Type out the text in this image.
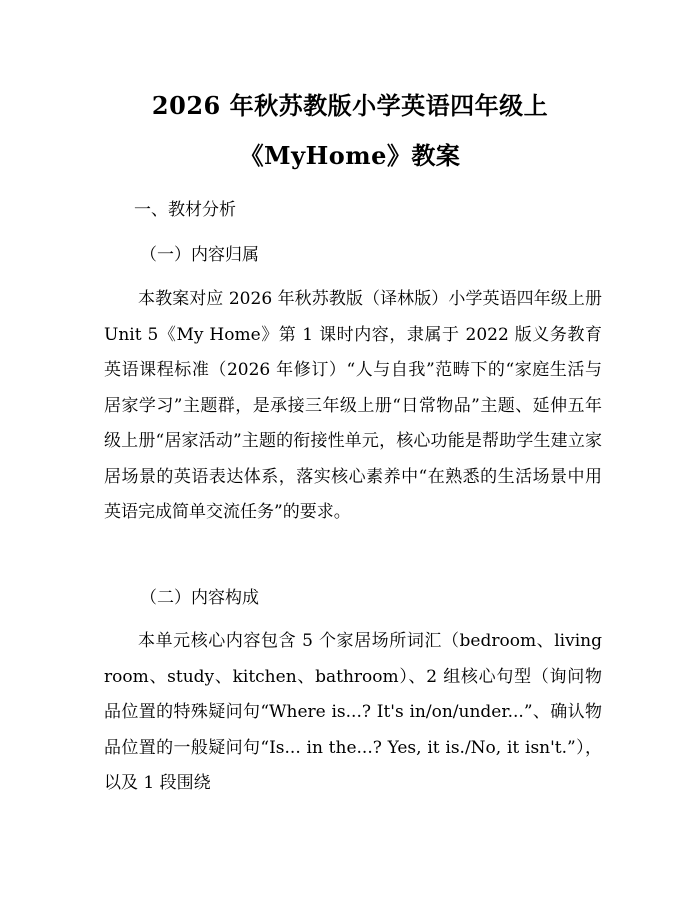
2026 年秋苏教版小学英语四年级上
《MyHome》教案

一、教材分析

（一）内容归属

本教案对应 2026 年秋苏教版（译林版）小学英语四年级上册 Unit 5《My Home》第 1 课时内容，隶属于 2022 版义务教育英语课程标准（2026 年修订）“人与自我”范畴下的“家庭生活与居家学习”主题群，是承接三年级上册“日常物品”主题、延伸五年级上册“居家活动”主题的衔接性单元，核心功能是帮助学生建立家居场景的英语表达体系，落实核心素养中“在熟悉的生活场景中用英语完成简单交流任务”的要求。

（二）内容构成

本单元核心内容包含 5 个家居场所词汇（bedroom、living room、study、kitchen、bathroom）、2 组核心句型（询问物品位置的特殊疑问句“Where is...? It's in/on/under...”、确认物品位置的一般疑问句“Is... in the...? Yes, it is./No, it isn't.”），以及 1 段围绕
